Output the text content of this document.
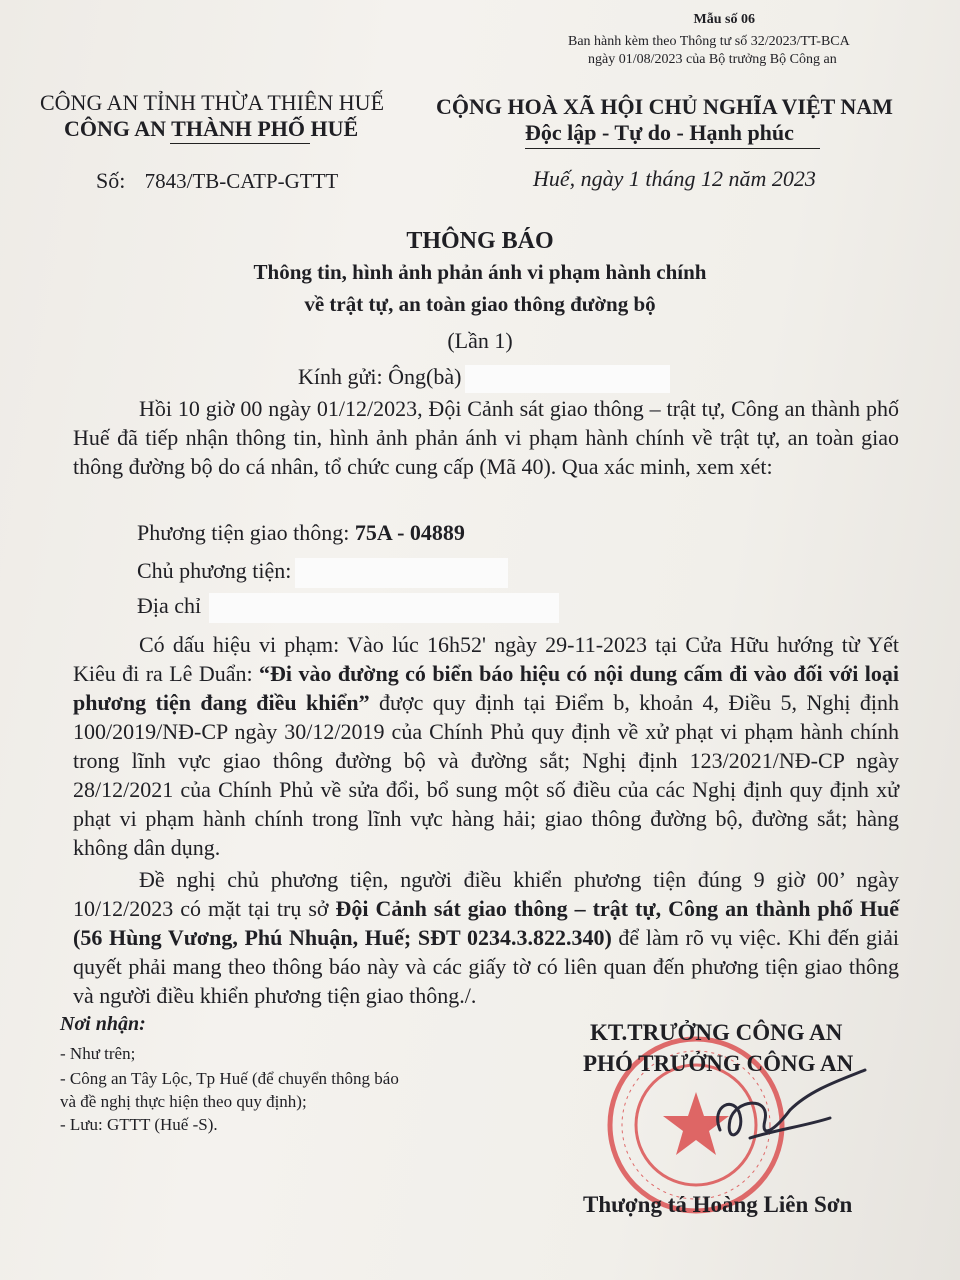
Mẫu số 06
Ban hành kèm theo Thông tư số 32/2023/TT-BCA
ngày 01/08/2023 của Bộ trưởng Bộ Công an
CÔNG AN TỈNH THỪA THIÊN HUẾ
CÔNG AN THÀNH PHỐ HUẾ
CỘNG HOÀ XÃ HỘI CHỦ NGHĨA VIỆT NAM
Độc lập - Tự do - Hạnh phúc
Số: 7843/TB-CATP-GTTT	Huế, ngày 1 tháng 12 năm 2023
THÔNG BÁO
Thông tin, hình ảnh phản ánh vi phạm hành chính
về trật tự, an toàn giao thông đường bộ
(Lần 1)
Kính gửi: Ông(bà)
Hồi 10 giờ 00 ngày 01/12/2023, Đội Cảnh sát giao thông – trật tự, Công an thành phố Huế đã tiếp nhận thông tin, hình ảnh phản ánh vi phạm hành chính về trật tự, an toàn giao thông đường bộ do cá nhân, tổ chức cung cấp (Mã 40). Qua xác minh, xem xét:
Phương tiện giao thông: 75A - 04889
Chủ phương tiện:
Địa chỉ
Có dấu hiệu vi phạm: Vào lúc 16h52' ngày 29-11-2023 tại Cửa Hữu hướng từ Yết Kiêu đi ra Lê Duẩn: “Đi vào đường có biển báo hiệu có nội dung cấm đi vào đối với loại phương tiện đang điều khiển” được quy định tại Điểm b, khoản 4, Điều 5, Nghị định 100/2019/NĐ-CP ngày 30/12/2019 của Chính Phủ quy định về xử phạt vi phạm hành chính trong lĩnh vực giao thông đường bộ và đường sắt; Nghị định 123/2021/NĐ-CP ngày 28/12/2021 của Chính Phủ về sửa đổi, bổ sung một số điều của các Nghị định quy định xử phạt vi phạm hành chính trong lĩnh vực hàng hải; giao thông đường bộ, đường sắt; hàng không dân dụng.
Đề nghị chủ phương tiện, người điều khiển phương tiện đúng 9 giờ 00’ ngày 10/12/2023 có mặt tại trụ sở Đội Cảnh sát giao thông – trật tự, Công an thành phố Huế (56 Hùng Vương, Phú Nhuận, Huế; SĐT 0234.3.822.340) để làm rõ vụ việc. Khi đến giải quyết phải mang theo thông báo này và các giấy tờ có liên quan đến phương tiện giao thông và người điều khiển phương tiện giao thông./.
Nơi nhận:
- Như trên;
- Công an Tây Lộc, Tp Huế (để chuyển thông báo
và đề nghị thực hiện theo quy định);
- Lưu: GTTT (Huế -S).
KT.TRƯỞNG CÔNG AN
PHÓ TRƯỞNG CÔNG AN
Thượng tá Hoàng Liên Sơn
